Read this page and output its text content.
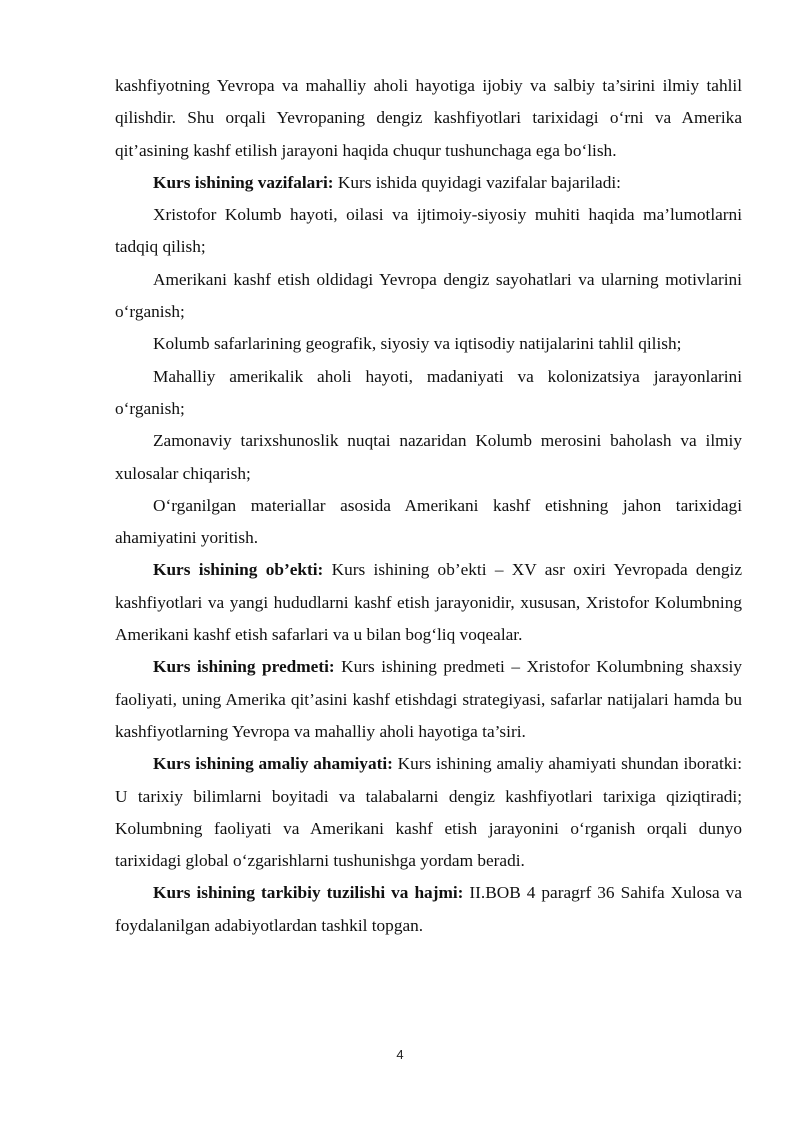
kashfiyotning Yevropa va mahalliy aholi hayotiga ijobiy va salbiy ta’sirini ilmiy tahlil qilishdir. Shu orqali Yevropaning dengiz kashfiyotlari tarixidagi o‘rni va Amerika qit’asining kashf etilish jarayoni haqida chuqur tushunchaga ega bo‘lish.

Kurs ishining vazifalari: Kurs ishida quyidagi vazifalar bajariladi:

Xristofor Kolumb hayoti, oilasi va ijtimoiy-siyosiy muhiti haqida ma’lumotlarni tadqiq qilish;

Amerikani kashf etish oldidagi Yevropa dengiz sayohatlari va ularning motivlarini o‘rganish;

Kolumb safarlarining geografik, siyosiy va iqtisodiy natijalarini tahlil qilish;

Mahalliy amerikalik aholi hayoti, madaniyati va kolonizatsiya jarayonlarini o‘rganish;

Zamonaviy tarixshunoslik nuqtai nazaridan Kolumb merosini baholash va ilmiy xulosalar chiqarish;

O‘rganilgan materiallar asosida Amerikani kashf etishning jahon tarixidagi ahamiyatini yoritish.

Kurs ishining ob’ekti: Kurs ishining ob’ekti – XV asr oxiri Yevropada dengiz kashfiyotlari va yangi hududlarni kashf etish jarayonidir, xususan, Xristofor Kolumbning Amerikani kashf etish safarlari va u bilan bog‘liq voqealar.

Kurs ishining predmeti: Kurs ishining predmeti – Xristofor Kolumbning shaxsiy faoliyati, uning Amerika qit’asini kashf etishdagi strategiyasi, safarlar natijalari hamda bu kashfiyotlarning Yevropa va mahalliy aholi hayotiga ta’siri.

Kurs ishining amaliy ahamiyati: Kurs ishining amaliy ahamiyati shundan iboratki: U tarixiy bilimlarni boyitadi va talabalarni dengiz kashfiyotlari tarixiga qiziqtiradi; Kolumbning faoliyati va Amerikani kashf etish jarayonini o‘rganish orqali dunyo tarixidagi global o‘zgarishlarni tushunishga yordam beradi.

Kurs ishining tarkibiy tuzilishi va hajmi: II.BOB 4 paragrf 36 Sahifa Xulosa va foydalanilgan adabiyotlardan tashkil topgan.

4
